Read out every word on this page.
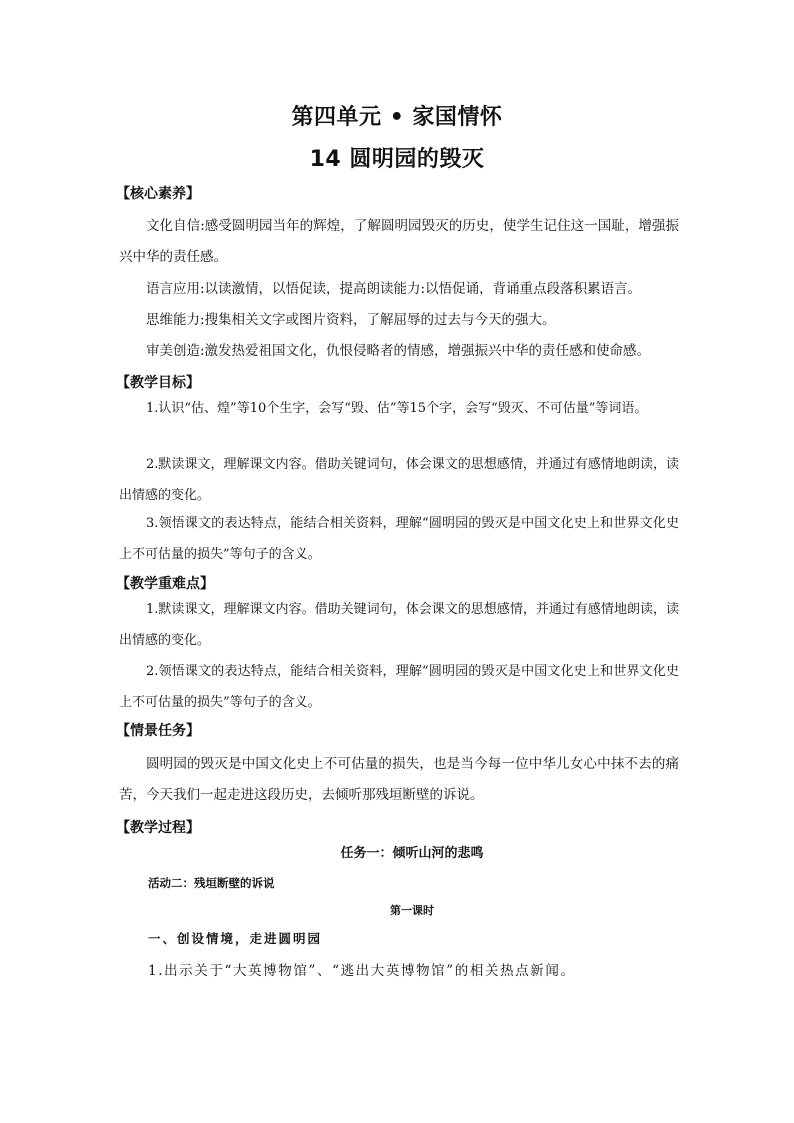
第四单元 • 家国情怀
14 圆明园的毁灭
【核心素养】
文化自信:感受圆明园当年的辉煌，了解圆明园毁灭的历史，使学生记住这一国耻，增强振兴中华的责任感。
语言应用:以读激情，以悟促读，提高朗读能力:以悟促诵，背诵重点段落积累语言。
思维能力:搜集相关文字或图片资料，了解屈辱的过去与今天的强大。
审美创造:激发热爱祖国文化，仇恨侵略者的情感，增强振兴中华的责任感和使命感。
【教学目标】
1.认识“估、煌”等10个生字，会写“毁、估”等15个字，会写“毁灭、不可估量”等词语。
2.默读课文，理解课文内容。借助关键词句，体会课文的思想感情，并通过有感情地朗读，读出情感的变化。
3.领悟课文的表达特点，能结合相关资料，理解“圆明园的毁灭是中国文化史上和世界文化史上不可估量的损失”等句子的含义。
【教学重难点】
1.默读课文，理解课文内容。借助关键词句，体会课文的思想感情，并通过有感情地朗读，读出情感的变化。
2.领悟课文的表达特点，能结合相关资料，理解“圆明园的毁灭是中国文化史上和世界文化史上不可估量的损失”等句子的含义。
【情景任务】
圆明园的毁灭是中国文化史上不可估量的损失，也是当今每一位中华儿女心中抹不去的痛苦，今天我们一起走进这段历史，去倾听那残垣断壁的诉说。
【教学过程】
任务一：倾听山河的悲鸣
活动二：残垣断壁的诉说
第一课时
一、创设情境，走进圆明园
1.出示关于“大英博物馆”、“逃出大英博物馆”的相关热点新闻。
